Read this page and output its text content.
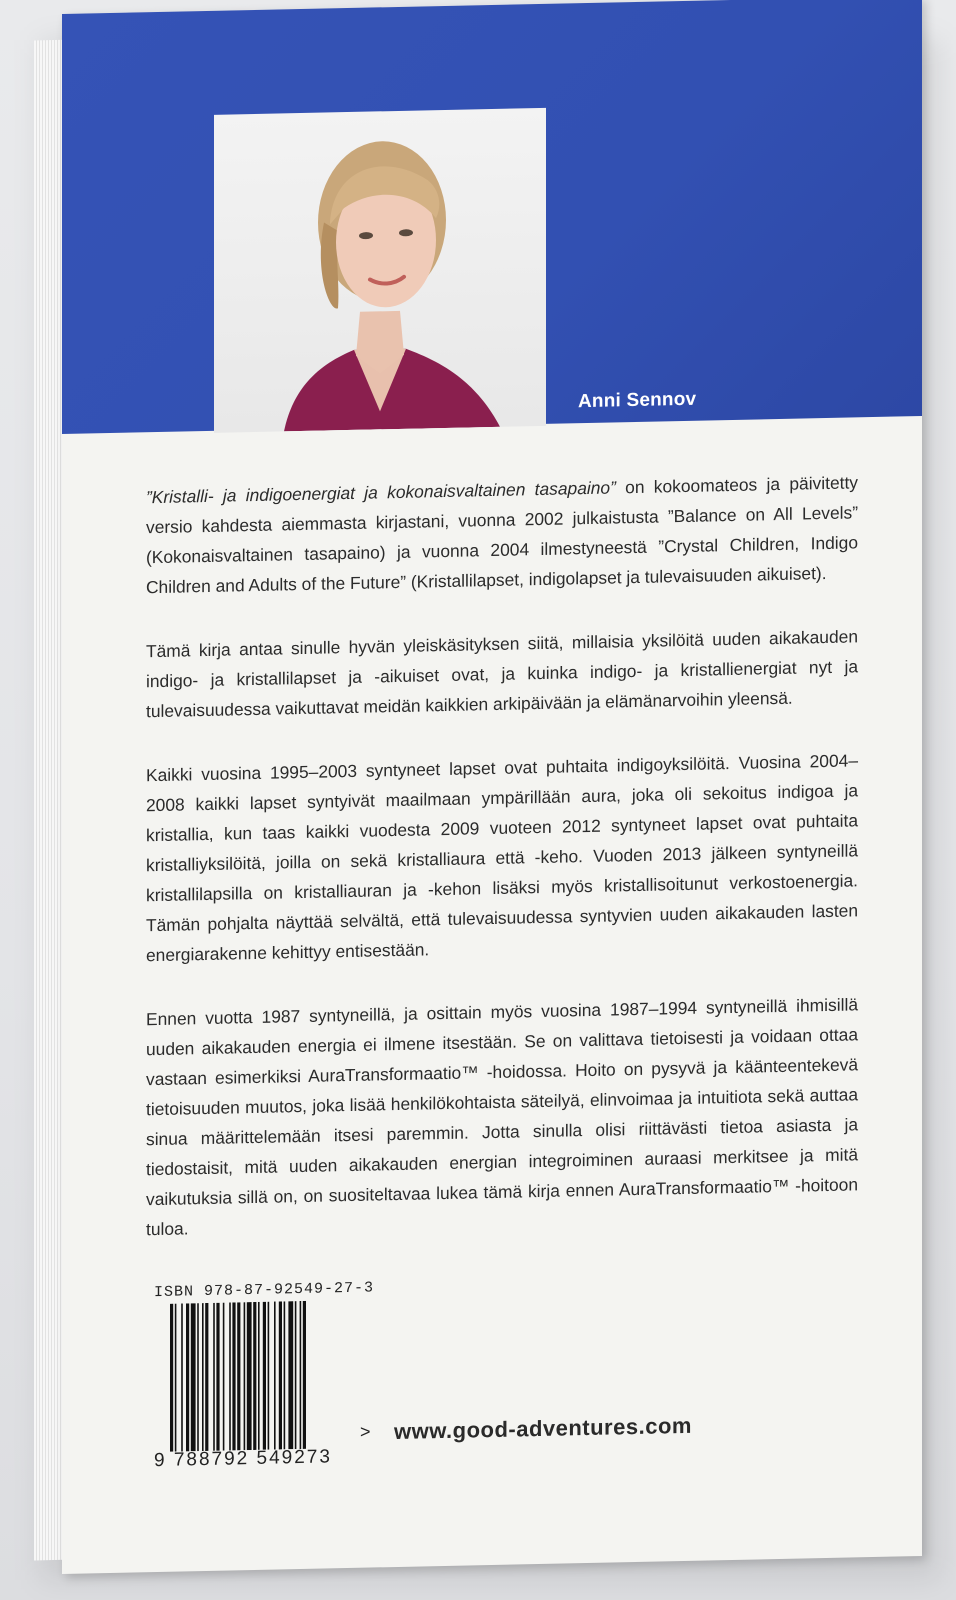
Anni Sennov

”Kristalli- ja indigoenergiat ja kokonaisvaltainen tasapaino” on kokoomateos ja päivitetty versio kahdesta aiemmasta kirjastani, vuonna 2002 julkaistusta ”Balance on All Levels” (Kokonaisvaltainen tasapaino) ja vuonna 2004 ilmestyneestä ”Crystal Children, Indigo Children and Adults of the Future” (Kristallilapset, indigolapset ja tulevaisuuden aikuiset).

Tämä kirja antaa sinulle hyvän yleiskäsityksen siitä, millaisia yksilöitä uuden aikakauden indigo- ja kristallilapset ja -aikuiset ovat, ja kuinka indigo- ja kristallienergiat nyt ja tulevaisuudessa vaikuttavat meidän kaikkien arkipäivään ja elämänarvoihin yleensä.

Kaikki vuosina 1995–2003 syntyneet lapset ovat puhtaita indigoyksilöitä. Vuosina 2004–2008 kaikki lapset syntyivät maailmaan ympärillään aura, joka oli sekoitus indigoa ja kristallia, kun taas kaikki vuodesta 2009 vuoteen 2012 syntyneet lapset ovat puhtaita kristalliyksilöitä, joilla on sekä kristalliaura että -keho. Vuoden 2013 jälkeen syntyneillä kristallilapsilla on kristalliauran ja -kehon lisäksi myös kristallisoitunut verkostoenergia. Tämän pohjalta näyttää selvältä, että tulevaisuudessa syntyvien uuden aikakauden lasten energiarakenne kehittyy entisestään.

Ennen vuotta 1987 syntyneillä, ja osittain myös vuosina 1987–1994 syntyneillä ihmisillä uuden aikakauden energia ei ilmene itsestään. Se on valittava tietoisesti ja voidaan ottaa vastaan esimerkiksi AuraTransformaatio™ -hoidossa. Hoito on pysyvä ja käänteentekevä tietoisuuden muutos, joka lisää henkilökohtaista säteilyä, elinvoimaa ja intuitiota sekä auttaa sinua määrittelemään itsesi paremmin. Jotta sinulla olisi riittävästi tietoa asiasta ja tiedostaisit, mitä uuden aikakauden energian integroiminen auraasi merkitsee ja mitä vaikutuksia sillä on, on suositeltavaa lukea tämä kirja ennen AuraTransformaatio™ -hoitoon tuloa.

ISBN 978-87-92549-27-3
9 788792 549273
> www.good-adventures.com
